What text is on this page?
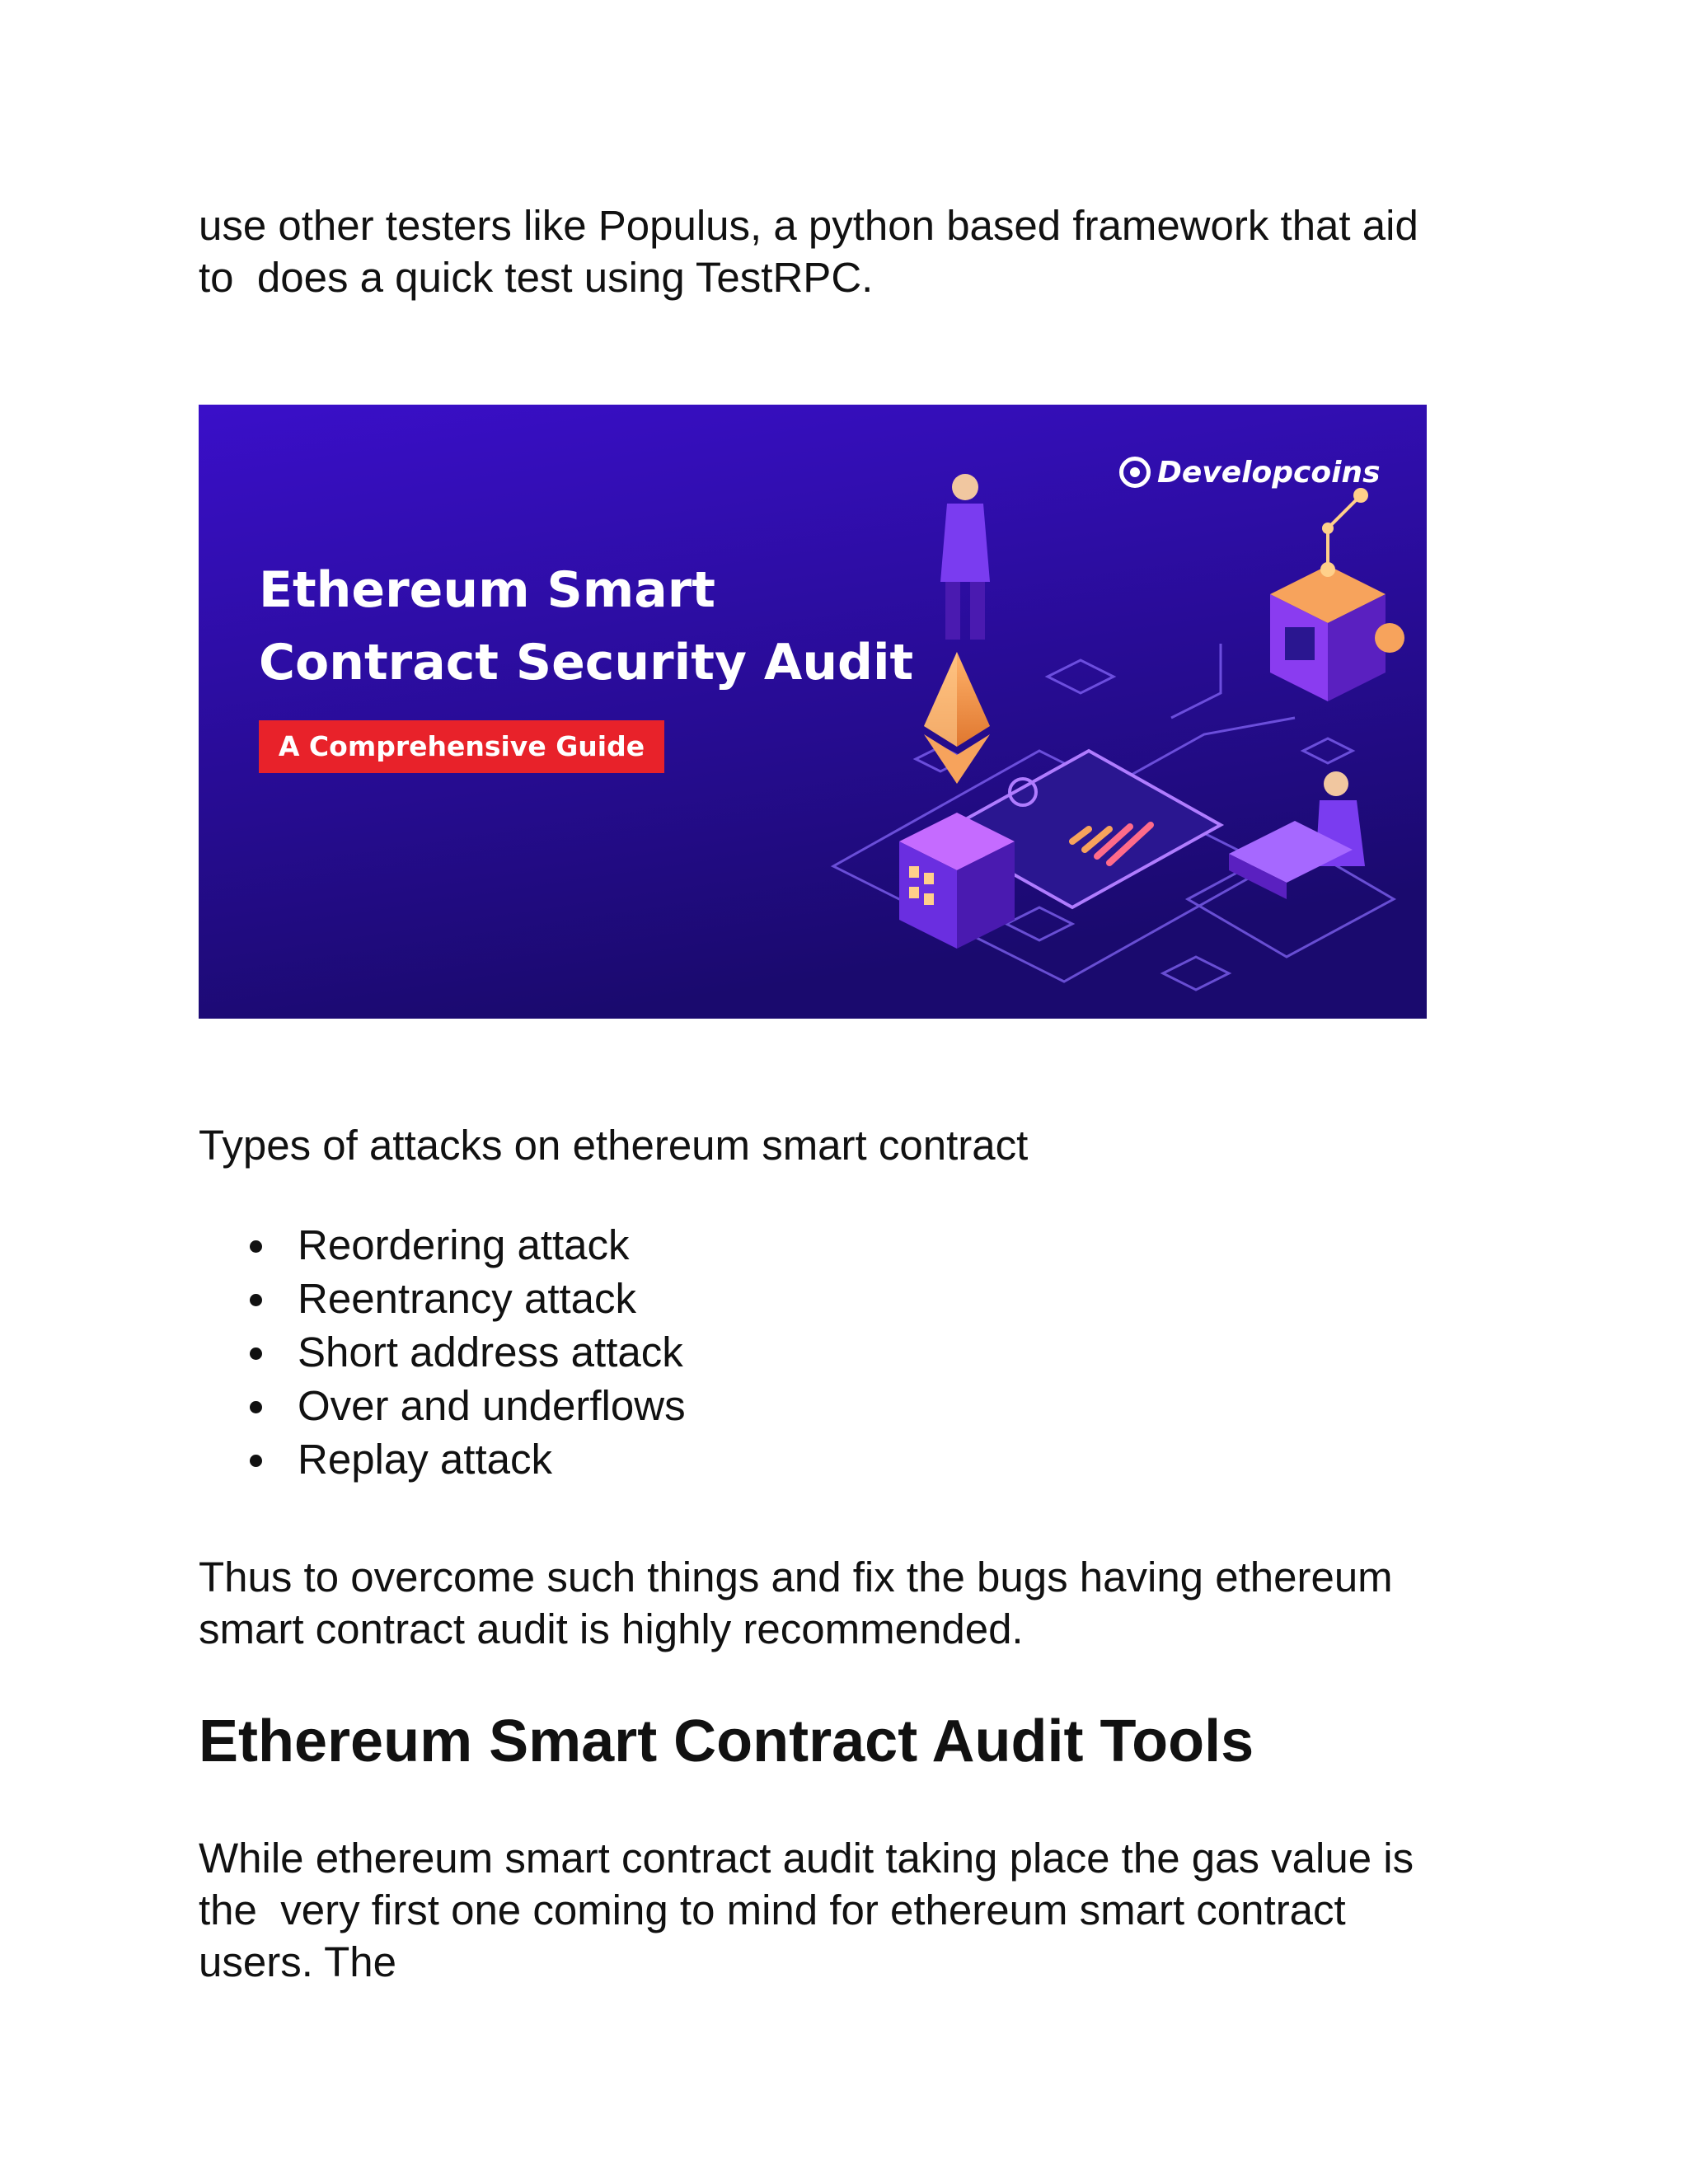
use other testers like Populus, a python based framework that aid
to  does a quick test using TestRPC.

Developcoins

Ethereum Smart

Contract Security Audit

A Comprehensive Guide

Types of attacks on ethereum smart contract

Reordering attack
Reentrancy attack
Short address attack
Over and underflows
Replay attack

Thus to overcome such things and fix the bugs having ethereum
smart contract audit is highly recommended.

Ethereum Smart Contract Audit Tools

While ethereum smart contract audit taking place the gas value is
the  very first one coming to mind for ethereum smart contract
users. The
